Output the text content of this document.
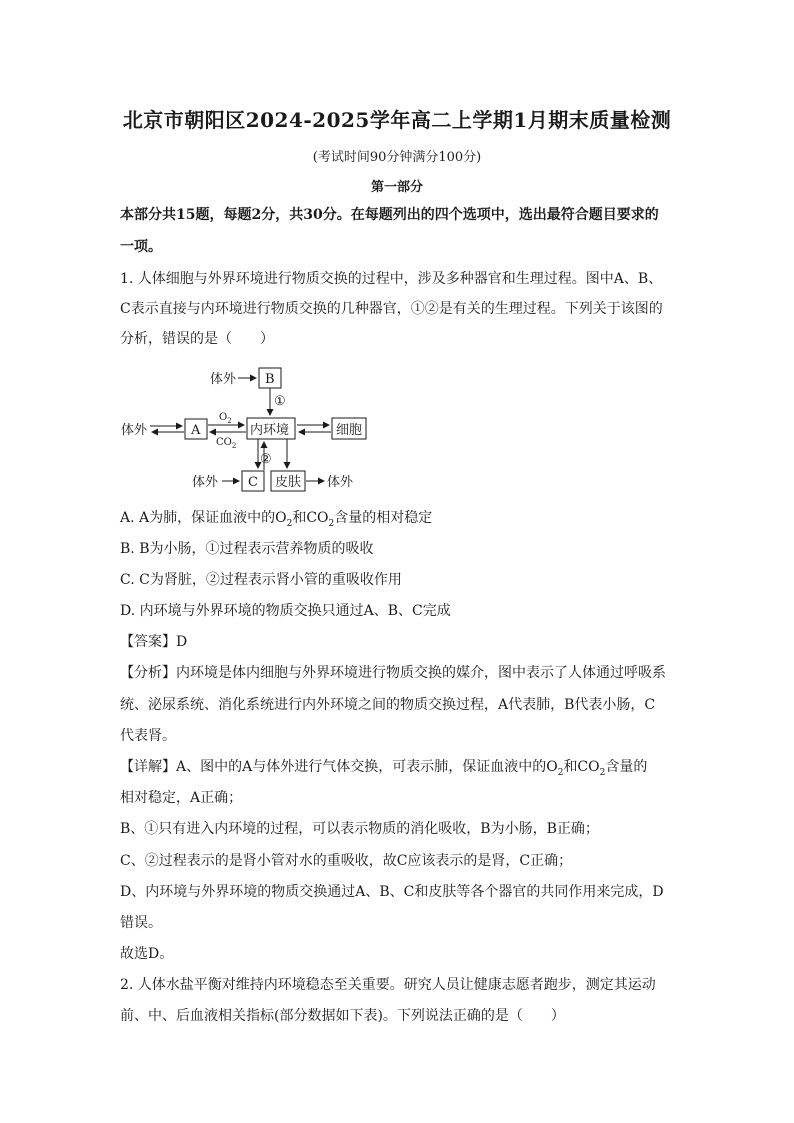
北京市朝阳区2024-2025学年高二上学期1月期末质量检测
(考试时间90分钟满分100分)
第一部分
本部分共15题，每题2分，共30分。在每题列出的四个选项中，选出最符合题目要求的
一项。
1. 人体细胞与外界环境进行物质交换的过程中，涉及多种器官和生理过程。图中A、B、
C表示直接与内环境进行物质交换的几种器官，①②是有关的生理过程。下列关于该图的
分析，错误的是（　　）
体外 B
①
体外	A
$O_2$
$CO_2$
内环境	细胞
②
体外 C 皮肤 体外
A. A为肺，保证血液中的$O_2$和$CO_2$含量的相对稳定
B. B为小肠，①过程表示营养物质的吸收
C. C为肾脏，②过程表示肾小管的重吸收作用
D. 内环境与外界环境的物质交换只通过A、B、C完成
【答案】D
【分析】内环境是体内细胞与外界环境进行物质交换的媒介，图中表示了人体通过呼吸系
统、泌尿系统、消化系统进行内外环境之间的物质交换过程，A代表肺，B代表小肠，C
代表肾。
【详解】A、图中的A与体外进行气体交换，可表示肺，保证血液中的$O_2$和$CO_2$含量的
相对稳定，A正确；
B、①只有进入内环境的过程，可以表示物质的消化吸收，B为小肠，B正确；
C、②过程表示的是肾小管对水的重吸收，故C应该表示的是肾，C正确；
D、内环境与外界环境的物质交换通过A、B、C和皮肤等各个器官的共同作用来完成，D
错误。
故选D。
2. 人体水盐平衡对维持内环境稳态至关重要。研究人员让健康志愿者跑步，测定其运动
前、中、后血液相关指标(部分数据如下表)。下列说法正确的是（　　）
